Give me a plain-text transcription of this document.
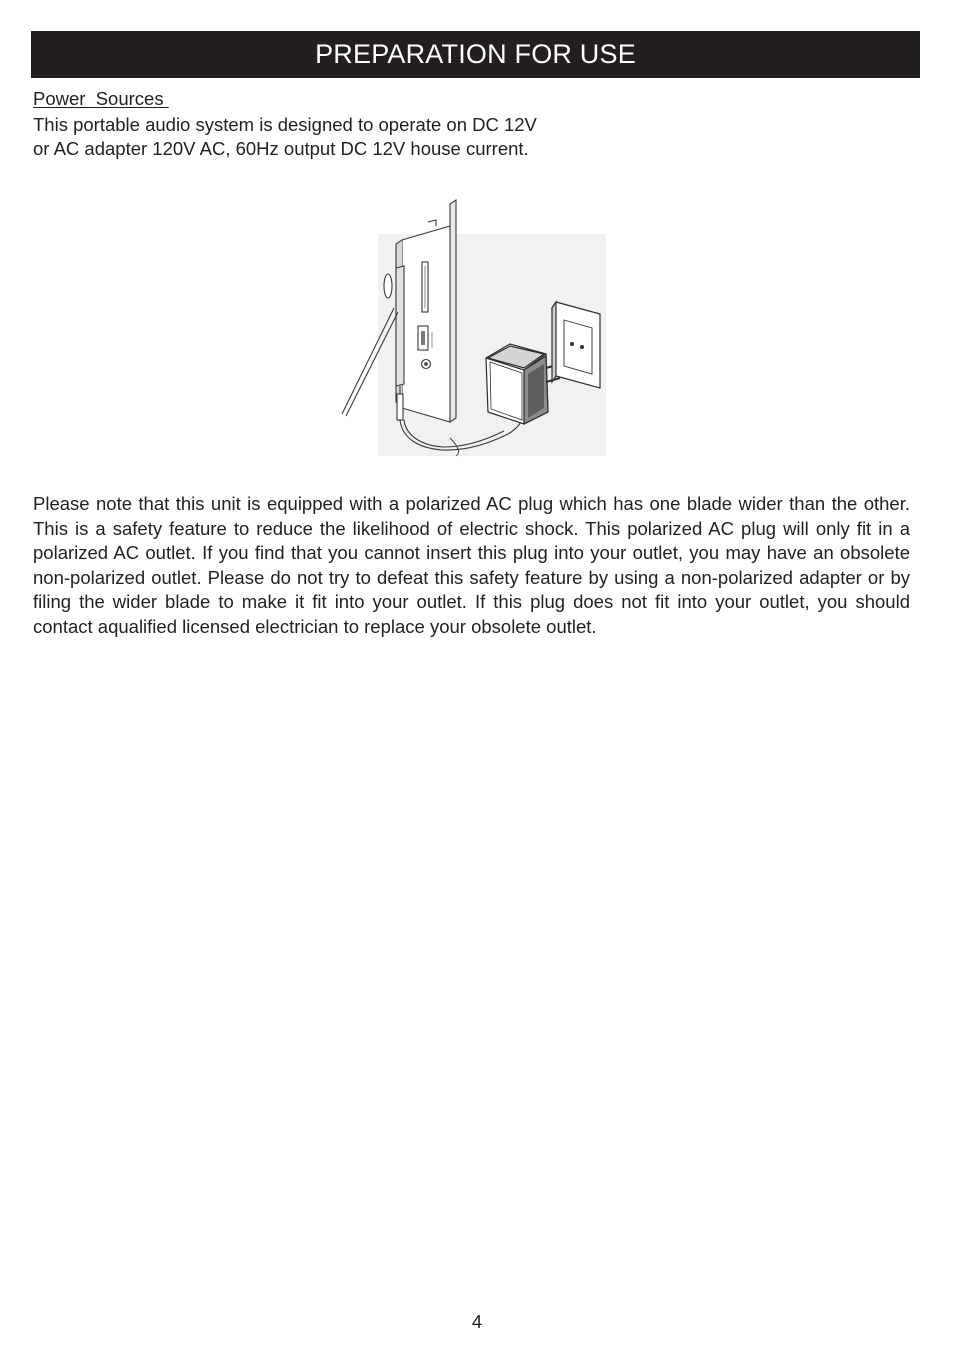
PREPARATION FOR USE
Power  Sources
This portable audio system is designed to operate on DC 12V
or AC adapter 120V AC, 60Hz output DC 12V house current.
Please note that this unit is equipped with a polarized AC plug which has one blade wider than the other. This is a safety feature to reduce the likelihood of electric shock. This polarized AC plug will only fit in a polarized AC outlet. If you find that you cannot insert this plug into your outlet, you may have an obsolete non-polarized outlet. Please do not try to defeat this safety feature by using a non-polarized adapter or by filing the wider blade to make it fit into your outlet. If this plug does not fit into your outlet, you should contact aqualified licensed electrician to replace your obsolete outlet.
4
